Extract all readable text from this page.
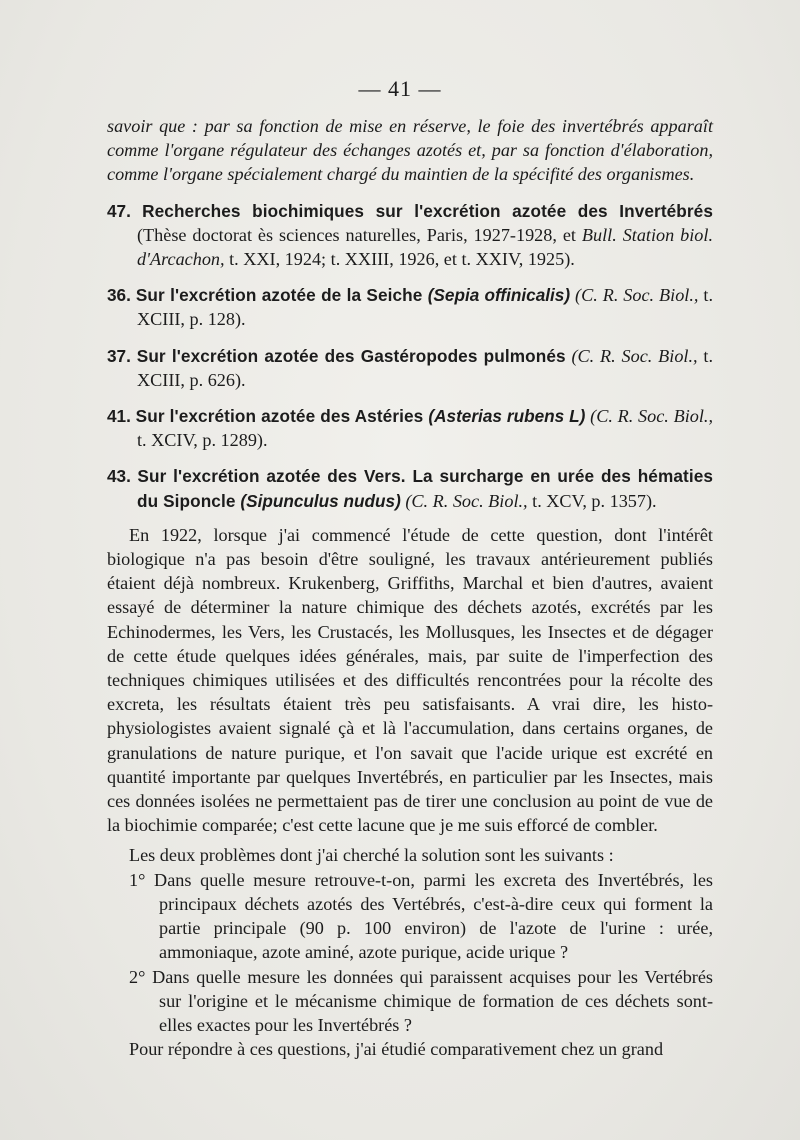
— 41 —

savoir que : par sa fonction de mise en réserve, le foie des invertébrés apparaît comme l'organe régulateur des échanges azotés et, par sa fonction d'élaboration, comme l'organe spécialement chargé du maintien de la spécifité des organismes.

47. Recherches biochimiques sur l'excrétion azotée des Invertébrés (Thèse doctorat ès sciences naturelles, Paris, 1927-1928, et Bull. Station biol. d'Arcachon, t. XXI, 1924; t. XXIII, 1926, et t. XXIV, 1925).

36. Sur l'excrétion azotée de la Seiche (Sepia offinicalis) (C. R. Soc. Biol., t. XCIII, p. 128).

37. Sur l'excrétion azotée des Gastéropodes pulmonés (C. R. Soc. Biol., t. XCIII, p. 626).

41. Sur l'excrétion azotée des Astéries (Asterias rubens L) (C. R. Soc. Biol., t. XCIV, p. 1289).

43. Sur l'excrétion azotée des Vers. La surcharge en urée des hématies du Siponcle (Sipunculus nudus) (C. R. Soc. Biol., t. XCV, p. 1357).

En 1922, lorsque j'ai commencé l'étude de cette question, dont l'intérêt biologique n'a pas besoin d'être souligné, les travaux antérieurement publiés étaient déjà nombreux. Krukenberg, Griffiths, Marchal et bien d'autres, avaient essayé de déterminer la nature chimique des déchets azotés, excrétés par les Echinodermes, les Vers, les Crustacés, les Mollusques, les Insectes et de dégager de cette étude quelques idées générales, mais, par suite de l'imperfection des techniques chimiques utilisées et des difficultés rencontrées pour la récolte des excreta, les résultats étaient très peu satisfaisants. A vrai dire, les histo-physiologistes avaient signalé çà et là l'accumulation, dans certains organes, de granulations de nature purique, et l'on savait que l'acide urique est excrété en quantité importante par quelques Invertébrés, en particulier par les Insectes, mais ces données isolées ne permettaient pas de tirer une conclusion au point de vue de la biochimie comparée; c'est cette lacune que je me suis efforcé de combler.

Les deux problèmes dont j'ai cherché la solution sont les suivants :

1° Dans quelle mesure retrouve-t-on, parmi les excreta des Invertébrés, les principaux déchets azotés des Vertébrés, c'est-à-dire ceux qui forment la partie principale (90 p. 100 environ) de l'azote de l'urine : urée, ammoniaque, azote aminé, azote purique, acide urique ?

2° Dans quelle mesure les données qui paraissent acquises pour les Vertébrés sur l'origine et le mécanisme chimique de formation de ces déchets sont-elles exactes pour les Invertébrés ?

Pour répondre à ces questions, j'ai étudié comparativement chez un grand
